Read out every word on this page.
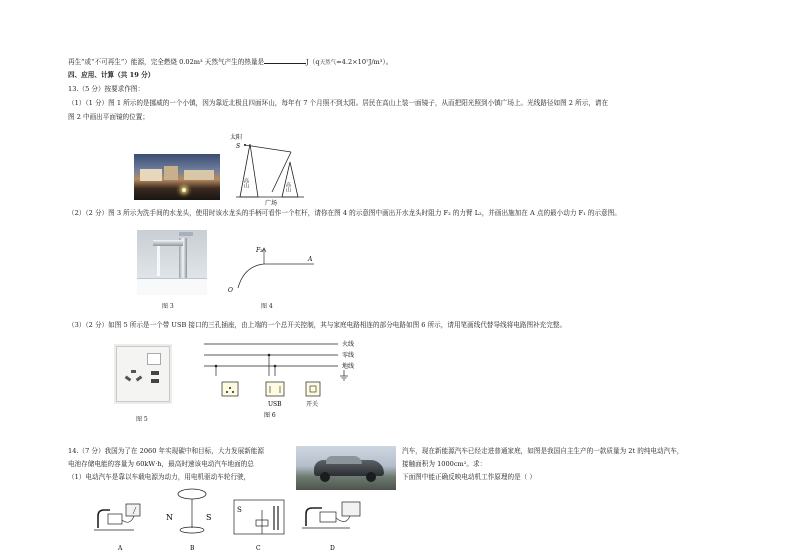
再生”或“不可再生”）能源，完全燃烧 0.02m³ 天然气产生的热量是	J（q天然气=4.2×10⁷J/m³）。
四、应用、计算（共 19 分）
13.（5 分）按要求作图：
（1）（1 分）图 1 所示的是挪威的一个小镇，因为靠近北极且四面环山，每年有 7 个月照不到太阳。居民在高山上装一面镜子，从而把阳光照到小镇广场上。光线路径如图 2 所示，请在
图 2 中画出平面镜的位置；
太阳
S
高山	高山
广场
（2）（2 分）图 3 所示为洗手间的水龙头，使用时该水龙头的手柄可看作一个杠杆，请你在图 4 的示意图中画出开水龙头时阻力 F₂ 的力臂 L₂，并画出施加在 A 点的最小动力 F₁ 的示意图。
图 3
F₂
A
O
图 4
（3）（2 分）如图 5 所示是一个带 USB 接口的三孔插座，由上端的一个总开关控制，其与家庭电路相连的部分电路如图 6 所示，请用笔画线代替导线将电路图补充完整。
图 5
火线
零线
地线
USB	开关
图 6
14.（7 分）我国为了在 2060 年实现碳中和目标，大力发展新能源
电池存储电能的容量为 60kW·h，最高时速该电动汽车地面的总
（1）电动汽车是靠以车载电源为动力，用电机驱动车轮行驶，
汽车，现在新能源汽车已经走进普通家庭，如图是我国自主生产的一款质量为 2t 的纯电动汽车，
接触面积为 1000cm²。求：
下面图中能正确反映电动机工作原理的是（ ）
A
N	S
B
S
C	D
